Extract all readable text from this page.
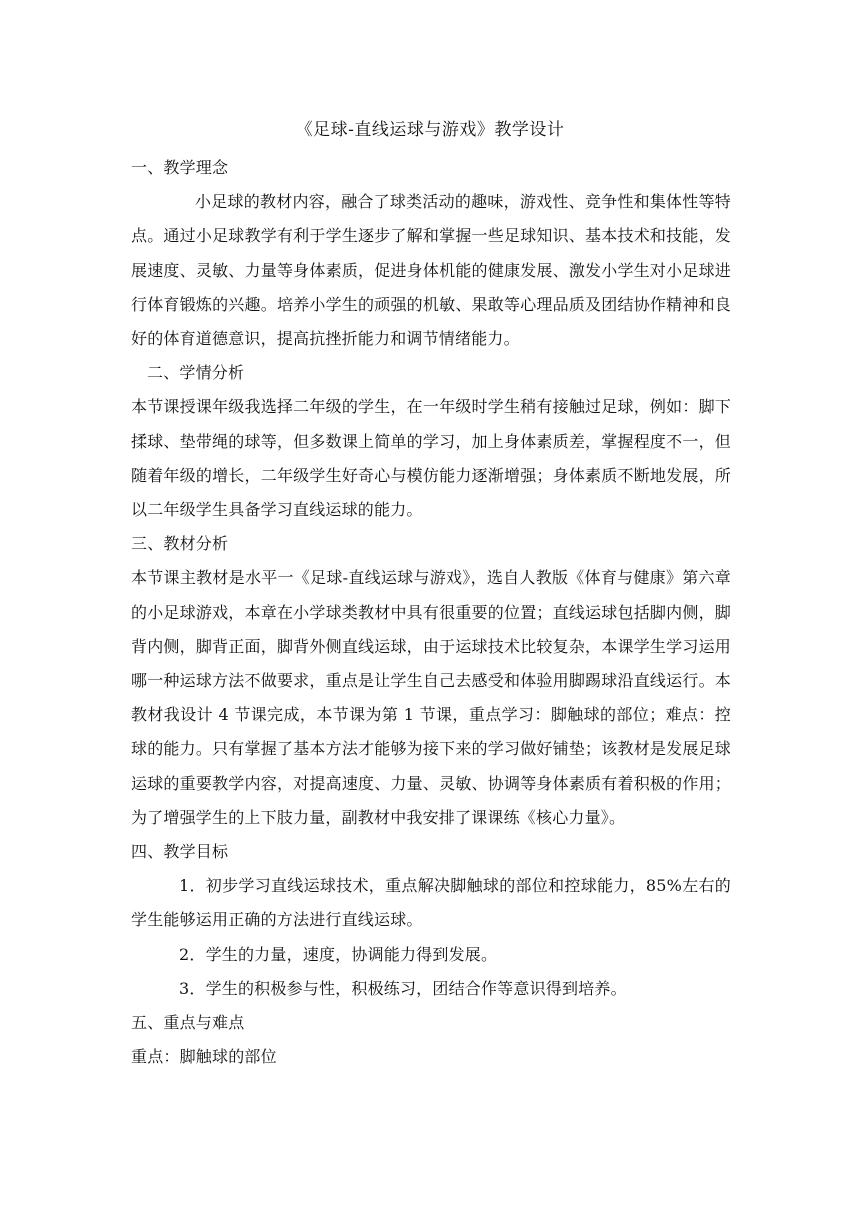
《足球-直线运球与游戏》教学设计

一、教学理念

小足球的教材内容，融合了球类活动的趣味，游戏性、竞争性和集体性等特点。通过小足球教学有利于学生逐步了解和掌握一些足球知识、基本技术和技能，发展速度、灵敏、力量等身体素质，促进身体机能的健康发展、激发小学生对小足球进行体育锻炼的兴趣。培养小学生的顽强的机敏、果敢等心理品质及团结协作精神和良好的体育道德意识，提高抗挫折能力和调节情绪能力。

二、学情分析

本节课授课年级我选择二年级的学生，在一年级时学生稍有接触过足球，例如：脚下揉球、垫带绳的球等，但多数课上简单的学习，加上身体素质差，掌握程度不一，但随着年级的增长，二年级学生好奇心与模仿能力逐渐增强；身体素质不断地发展，所以二年级学生具备学习直线运球的能力。

三、教材分析

本节课主教材是水平一《足球-直线运球与游戏》，选自人教版《体育与健康》第六章的小足球游戏，本章在小学球类教材中具有很重要的位置；直线运球包括脚内侧，脚背内侧，脚背正面，脚背外侧直线运球，由于运球技术比较复杂，本课学生学习运用哪一种运球方法不做要求，重点是让学生自己去感受和体验用脚踢球沿直线运行。本教材我设计 4 节课完成，本节课为第 1 节课，重点学习：脚触球的部位；难点：控球的能力。只有掌握了基本方法才能够为接下来的学习做好铺垫；该教材是发展足球运球的重要教学内容，对提高速度、力量、灵敏、协调等身体素质有着积极的作用；为了增强学生的上下肢力量，副教材中我安排了课课练《核心力量》。

四、教学目标

1．初步学习直线运球技术，重点解决脚触球的部位和控球能力，85%左右的学生能够运用正确的方法进行直线运球。

2．学生的力量，速度，协调能力得到发展。

3．学生的积极参与性，积极练习，团结合作等意识得到培养。

五、重点与难点

重点：脚触球的部位
